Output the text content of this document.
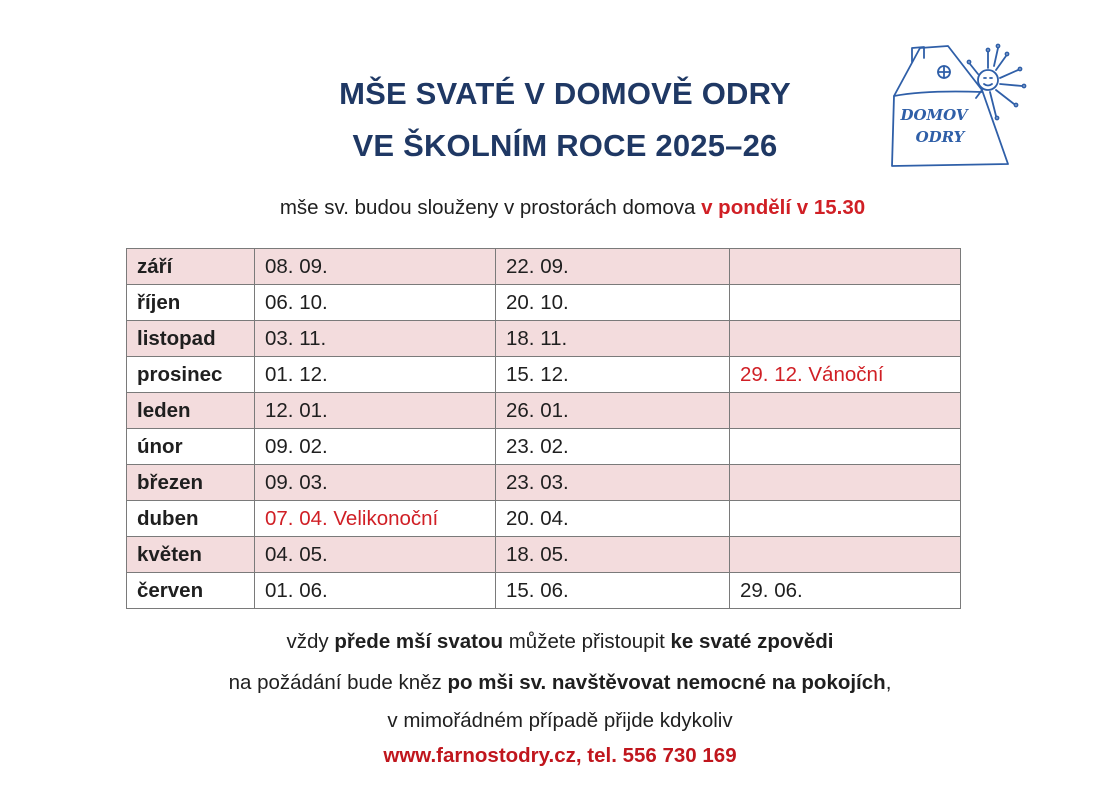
MŠE SVATÉ V DOMOVĚ ODRY
VE ŠKOLNÍM ROCE 2025–26
DOMOV
ODRY
mše sv. budou slouženy v prostorách domova v pondělí v 15.30
září	08. 09.	22. 09.	
říjen	06. 10.	20. 10.	
listopad	03. 11.	18. 11.	
prosinec	01. 12.	15. 12.	29. 12. Vánoční
leden	12. 01.	26. 01.	
únor	09. 02.	23. 02.	
březen	09. 03.	23. 03.	
duben	07. 04. Velikonoční	20. 04.	
květen	04. 05.	18. 05.	
červen	01. 06.	15. 06.	29. 06.
vždy přede mší svatou můžete přistoupit ke svaté zpovědi
na požádání bude kněz po mši sv. navštěvovat nemocné na pokojích,
v mimořádném případě přijde kdykoliv
www.farnostodry.cz, tel. 556 730 169
